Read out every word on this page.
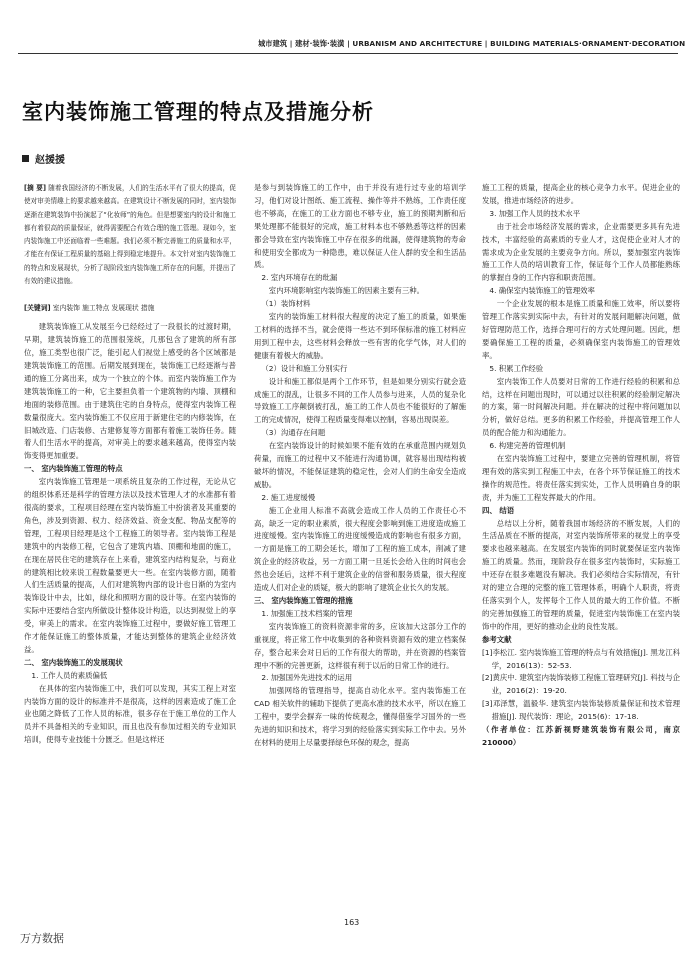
城市建筑 | 建材·装饰·装潢 | URBANISM AND ARCHITECTURE | BUILDING MATERIALS·ORNAMENT·DECORATION
室内装饰施工管理的特点及措施分析
赵援援

[摘 要] 随着我国经济的不断发展，人们的生活水平有了很大的提高，促使对审美情趣上的要求越来越高。在建筑设计不断发展的同时，室内装饰逐渐在建筑装饰中扮演起了“化妆师”的角色。但是想要室内的设计和施工都有着很高的质量保证，就得需要配合有效合理的施工管理。现如今，室内装饰施工中还面临着一些难题。我们必须不断完善施工的质量和水平，才能在有保证工程质量的基础上得到稳定地提升。本文针对室内装饰施工的特点和发展现状，分析了现阶段室内装饰施工所存在的问题，并提出了有效的建议措施。

[关键词] 室内装饰 施工特点 发展现状 措施

建筑装饰施工从发展至今已经经过了一段很长的过渡时期，早期，建筑装饰施工的范围很笼统，几那包含了建筑的所有部位，施工类型也很广泛，能引起人们视觉上感受的各个区域都是建筑装饰施工的范围。后期发展到现在，装饰施工已经逐渐与普通的施工分离出来，成为一个独立的个体。而室内装饰施工作为建筑装饰施工的一种，它主要担负着一个建筑物的内墙、顶棚和地面的装修范围。由于建筑住宅的自身特点，使得室内装饰工程数量很庞大。室内装饰施工不仅应用于新建住宅的内修装饰，在旧城改造、门店装修、古建修复等方面都有着施工装饰任务。随着人们生活水平的提高，对审美上的要求越来越高，使得室内装饰变得更加重要。

一、 室内装饰施工管理的特点

室内装饰施工管理是一项系统且复杂的工作过程，无论从它的组织体系还是科学的管理方法以及技术管理人才的水准都有着很高的要求，工程项目经理在室内装饰施工中扮演者及其重要的角色，涉及到资源、权力、经济效益、资金支配、物品支配等的管理，工程项目经理是这个工程施工的领导者。室内装饰工程是建筑中的内装修工程，它包含了建筑内墙、顶棚和地面的施工，在现在居民住宅的建筑存在上来看，建筑室内结构复杂，与商业的建筑相比较来说工程数量要更大一些。在室内装修方面，随着人们生活质量的提高，人们对建筑物内部的设计也日渐的为室内装饰设计中去，比如，绿化和照明方面的设计等。在室内装饰的实际中还要结合室内所做设计整体设计构造，以达到视觉上的享受，审美上的需求。在室内装饰施工过程中，要做好施工管理工作才能保证施工的整体质量，才能达到整体的建筑企业经济效益。

二、 室内装饰施工的发展现状

1. 工作人员的素质偏低

在具体的室内装饰施工中，我们可以发现，其实工程上对室内装饰方面的设计的标准并不是很高，这样的因素造成了施工企业也随之降低了工作人员的标准，很多存在于施工单位的工作人员并不具备相关的专业知识，而且也没有参加过相关的专业知识培训，使得专业技能十分匮乏。但是这样还

是参与到装饰施工的工作中，由于并没有进行过专业的培训学习，他们对设计图纸、施工流程、操作等并不熟练，工作责任度也不够高，在施工的工业方面也不够专业，施工的预期判断和后果处理都不能很好的完成，施工材料本也不够熟悉等这样的因素都会导致在室内装饰施工中存在很多的纰漏，使得建筑物的寿命和使用安全都成为一种隐患，难以保证人住人群的安全和生活品质。

2. 室内环境存在的纰漏

室内环境影响室内装饰施工的因素主要有三种。

（1）装饰材料

室内的装饰施工材料很大程度的决定了施工的质量，如果施工材料的选择不当，就会使得一些达不到环保标准的施工材料应用到工程中去，这些材料会释放一些有害的化学气体，对人们的健康有着极大的威胁。

（2）设计和施工分别实行

设计和施工都似是两个工作环节，但是如果分别实行就会造成施工的混乱，让很多不同的工作人员参与进来，人员的复杂化导致施工工序颠倒被打乱，施工的工作人员也不能很好的了解施工的完成情况，使得工程质量变得难以控制，容易出现误差。

（3）沟通存在问题

在室内装饰设计的时候如果不能有效的在承重范围内规划负荷量，而施工的过程中又不能进行沟通协调，就容易出现结构被破坏的情况，不能保证建筑的稳定性，会对人们的生命安全造成威胁。

2. 施工进度缓慢

施工企业用人标准不高就会造成工作人员的工作责任心不高，缺乏一定的职业素质，很大程度会影响到施工进度造成施工进度缓慢。室内装饰施工的进度缓慢造成的影响也有很多方面，一方面是施工的工期会延长，增加了工程的施工成本，削减了建筑企业的经济收益，另一方面工期一旦延长会给入住的时间也会然也会延后，这样不利于建筑企业的信誉和服务质量，很大程度造成人们对企业的质疑，极大的影响了建筑企业长久的发展。

三、 室内装饰施工管理的措施

1. 加强施工技术档案的管理

室内装饰施工的资料资源非常的多，应该加大这部分工作的重视度，将正常工作中收集到的各种资料资源有效的建立档案保存，整合起来会对日后的工作有很大的帮助，并在资源的档案管理中不断的完善更新，这样很有利于以后的日常工作的进行。

2. 加强国外先进技术的运用

加强网络的管理指导，提高自动化水平。室内装饰施工在 CAD 相关软件的辅助下提供了更高水准的技术水平，所以在施工工程中，要学会摒弃一味的传统观念，懂得借鉴学习国外的一些先进的知识和技术，将学习到的经验落实到实际工作中去。另外在材料的使用上尽量要择绿色环保的观念，提高

施工工程的质量，提高企业的核心竞争力水平。促进企业的发展，推进市场经济的进步。

3. 加强工作人员的技术水平

由于社会市场经济发展的需求，企业需要更多具有先进技术，丰富经验的高素质的专业人才，这促使企业对人才的需求成为企业发展的主要竞争方向。所以，要加强室内装饰施工工作人员的培训教育工作，保证每个工作人员都能熟练的掌握自身的工作内容和职责范围。

4. 确保室内装饰施工的管理效率

一个企业发展的根本是施工质量和施工效率，所以要将管理工作落实到实际中去，有针对的发展问题解决问题，做好管理防范工作，选择合理可行的方式处理问题。因此，想要确保施工工程的质量，必须确保室内装饰施工的管理效率。

5. 积累工作经验

室内装饰工作人员要对日常的工作进行经验的积累和总结，这样在问题出现时，可以通过以往积累的经验制定解决的方案，第一时间解决问题。并在解决的过程中将问题加以分析，做好总结。更多的积累工作经验，并提高管理工作人员的配合能力和沟通能力。

6. 构建完善的管理机制

在室内装饰施工过程中，要建立完善的管理机制，将管理有效的落实到工程施工中去，在各个环节保证施工的技术操作的规范性。将责任落实到实处，工作人员明确自身的职责，并为施工工程发挥最大的作用。

四、 结语

总结以上分析，随着我国市场经济的不断发展，人们的生活品质在不断的提高，对室内装饰所带来的视觉上的享受要求也越来越高。在发展室内装饰的同时就要保证室内装饰施工的质量。然而，现阶段存在很多室内装饰时，实际施工中还存在很多难题没有解决。我们必须结合实际情况，有针对的建立合理的完整的施工管理体系，明确个人职责，将责任落实到个人，发挥每个工作人员的最大的工作价值。不断的完善加强施工的管理的质量，促进室内装饰施工在室内装饰中的作用，更好的推动企业的良性发展。

参考文献

[1]李松江. 室内装饰施工管理的特点与有效措施[J]. 黑龙江科学，2016(13)：52-53.

[2]黄庆中. 建筑室内装饰装修工程施工管理研究[J]. 科技与企业，2016(2)：19-20.

[3]邓泽慧，温毅华. 建筑室内装饰装修质量保证和技术管理措施[J]. 现代装饰：理论，2015(6)：17-18.

（作者单位：江苏新视野建筑装饰有限公司，南京 210000）

163
万方数据
